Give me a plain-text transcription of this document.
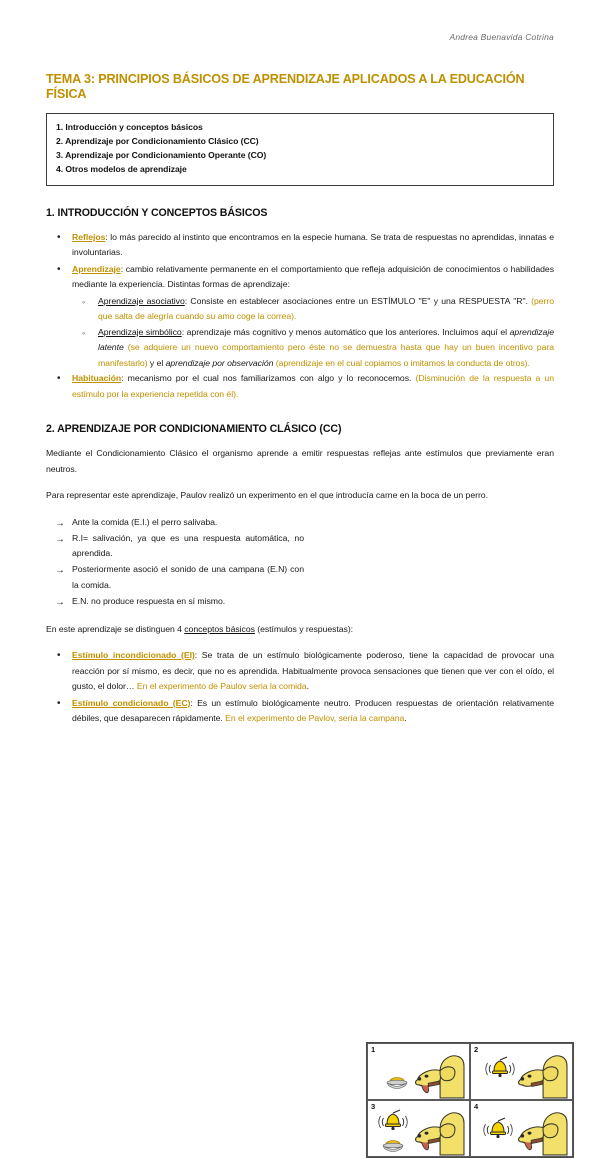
Andrea Buenavida Cotrina
TEMA 3: PRINCIPIOS BÁSICOS DE APRENDIZAJE APLICADOS A LA EDUCACIÓN FÍSICA
1. Introducción y conceptos básicos
2. Aprendizaje por Condicionamiento Clásico (CC)
3. Aprendizaje por Condicionamiento Operante (CO)
4. Otros modelos de aprendizaje
1. INTRODUCCIÓN Y CONCEPTOS BÁSICOS
• Reflejos: lo más parecido al instinto que encontramos en la especie humana. Se trata de respuestas no aprendidas, innatas e involuntarias.
• Aprendizaje: cambio relativamente permanente en el comportamiento que refleja adquisición de conocimientos o habilidades mediante la experiencia. Distintas formas de aprendizaje:
◦ Aprendizaje asociativo: Consiste en establecer asociaciones entre un ESTÍMULO "E" y una RESPUESTA "R". (perro que salta de alegría cuando su amo coge la correa).
◦ Aprendizaje simbólico: aprendizaje más cognitivo y menos automático que los anteriores. Incluimos aquí el aprendizaje latente (se adquiere un nuevo comportamiento pero éste no se demuestra hasta que hay un buen incentivo para manifestarlo) y el aprendizaje por observación (aprendizaje en el cual copiamos o imitamos la conducta de otros).
• Habituación: mecanismo por el cual nos familiarizamos con algo y lo reconocemos. (Disminución de la respuesta a un estímulo por la experiencia repetida con él).
2. APRENDIZAJE POR CONDICIONAMIENTO CLÁSICO (CC)

Mediante el Condicionamiento Clásico el organismo aprende a emitir respuestas reflejas ante estímulos que previamente eran neutros.

Para representar este aprendizaje, Paulov realizó un experimento en el que introducía carne en la boca de un perro.

→ Ante la comida (E.I.) el perro salivaba.
→ R.I= salivación, ya que es una respuesta automática, no aprendida.
→ Posteriormente asoció el sonido de una campana (E.N) con la comida.
→ E.N. no produce respuesta en sí mismo.
1	2
3	4

En este aprendizaje se distinguen 4 conceptos básicos (estímulos y respuestas):

• Estímulo incondicionado (EI): Se trata de un estímulo biológicamente poderoso, tiene la capacidad de provocar una reacción por sí mismo, es decir, que no es aprendida. Habitualmente provoca sensaciones que tienen que ver con el oído, el gusto, el dolor… En el experimento de Paulov seria la comida.
• Estímulo condicionado (EC): Es un estímulo biológicamente neutro. Producen respuestas de orientación relativamente débiles, que desaparecen rápidamente. En el experimento de Pavlov, sería la campana.
